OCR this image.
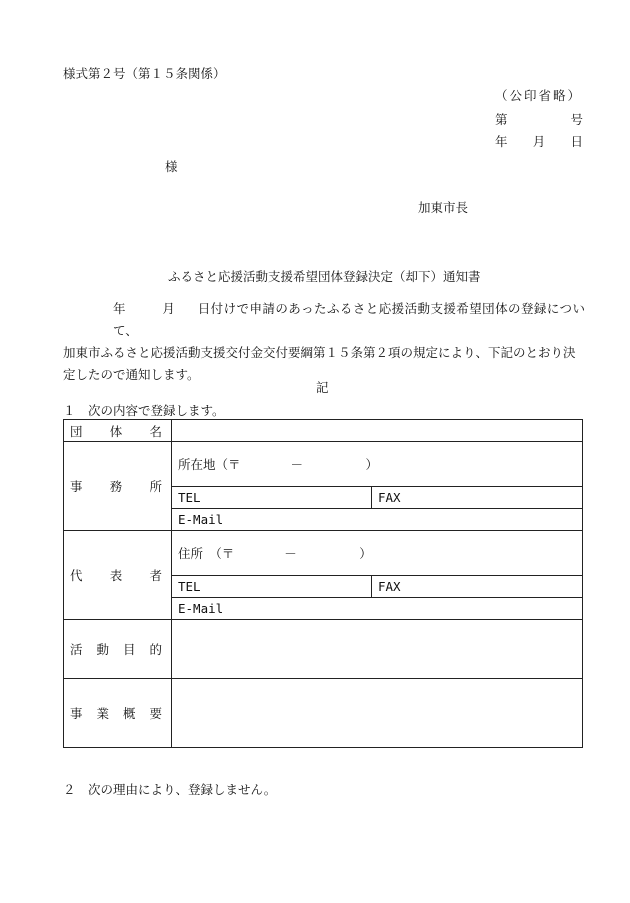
様式第２号（第１５条関係）
（公印省略）
第	号
年 月 日
様
加東市長
ふるさと応援活動支援希望団体登録決定（却下）通知書

年	月 日付けで申請のあったふるさと応援活動支援希望団体の登録について、

加東市ふるさと応援活動支援交付金交付要綱第１５条第２項の規定により、下記のとおり決

定したので通知します。

記
１　次の内容で登録します。
団 体 名		

事 務 所	所在地（〒　　　　－　　　　　）	
	TEL	FAX
	E-Mail	

代 表 者	住所　（〒　　　　－　　　　　）	
	TEL	FAX
	E-Mail	

活 動 目 的		

事 業 概 要		

２　次の理由により、登録しません。
